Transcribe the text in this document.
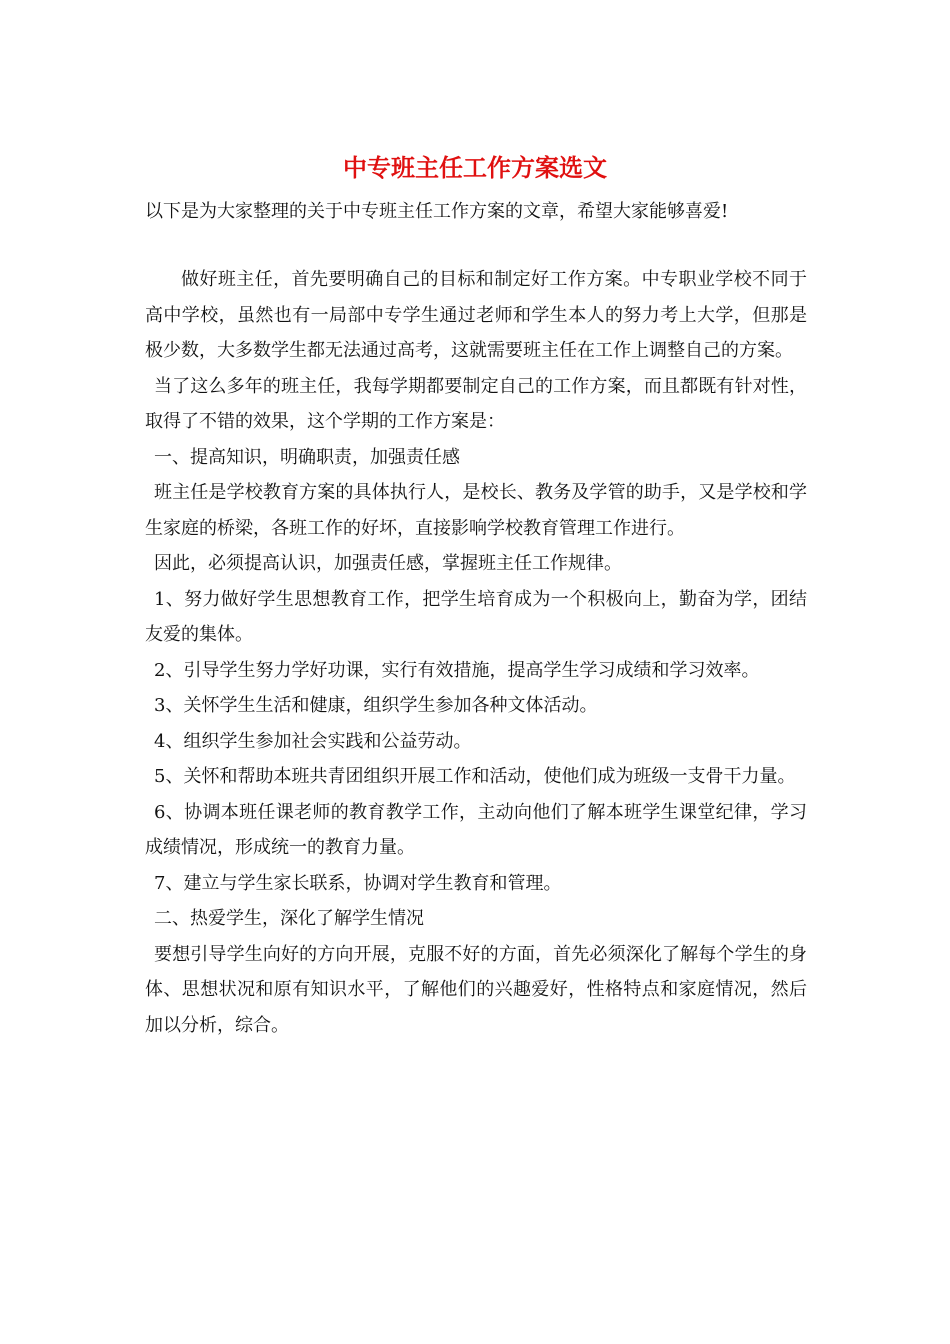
中专班主任工作方案选文

以下是为大家整理的关于中专班主任工作方案的文章，希望大家能够喜爱!

做好班主任，首先要明确自己的目标和制定好工作方案。中专职业学校不同于高中学校，虽然也有一局部中专学生通过老师和学生本人的努力考上大学，但那是极少数，大多数学生都无法通过高考，这就需要班主任在工作上调整自己的方案。

当了这么多年的班主任，我每学期都要制定自己的工作方案，而且都既有针对性，取得了不错的效果，这个学期的工作方案是：

一、提高知识，明确职责，加强责任感

班主任是学校教育方案的具体执行人，是校长、教务及学管的助手，又是学校和学生家庭的桥梁，各班工作的好坏，直接影响学校教育管理工作进行。

因此，必须提高认识，加强责任感，掌握班主任工作规律。

1、努力做好学生思想教育工作，把学生培育成为一个积极向上，勤奋为学，团结友爱的集体。

2、引导学生努力学好功课，实行有效措施，提高学生学习成绩和学习效率。

3、关怀学生生活和健康，组织学生参加各种文体活动。

4、组织学生参加社会实践和公益劳动。

5、关怀和帮助本班共青团组织开展工作和活动，使他们成为班级一支骨干力量。

6、协调本班任课老师的教育教学工作，主动向他们了解本班学生课堂纪律，学习成绩情况，形成统一的教育力量。

7、建立与学生家长联系，协调对学生教育和管理。

二、热爱学生，深化了解学生情况

要想引导学生向好的方向开展，克服不好的方面，首先必须深化了解每个学生的身体、思想状况和原有知识水平，了解他们的兴趣爱好，性格特点和家庭情况，然后加以分析，综合。
